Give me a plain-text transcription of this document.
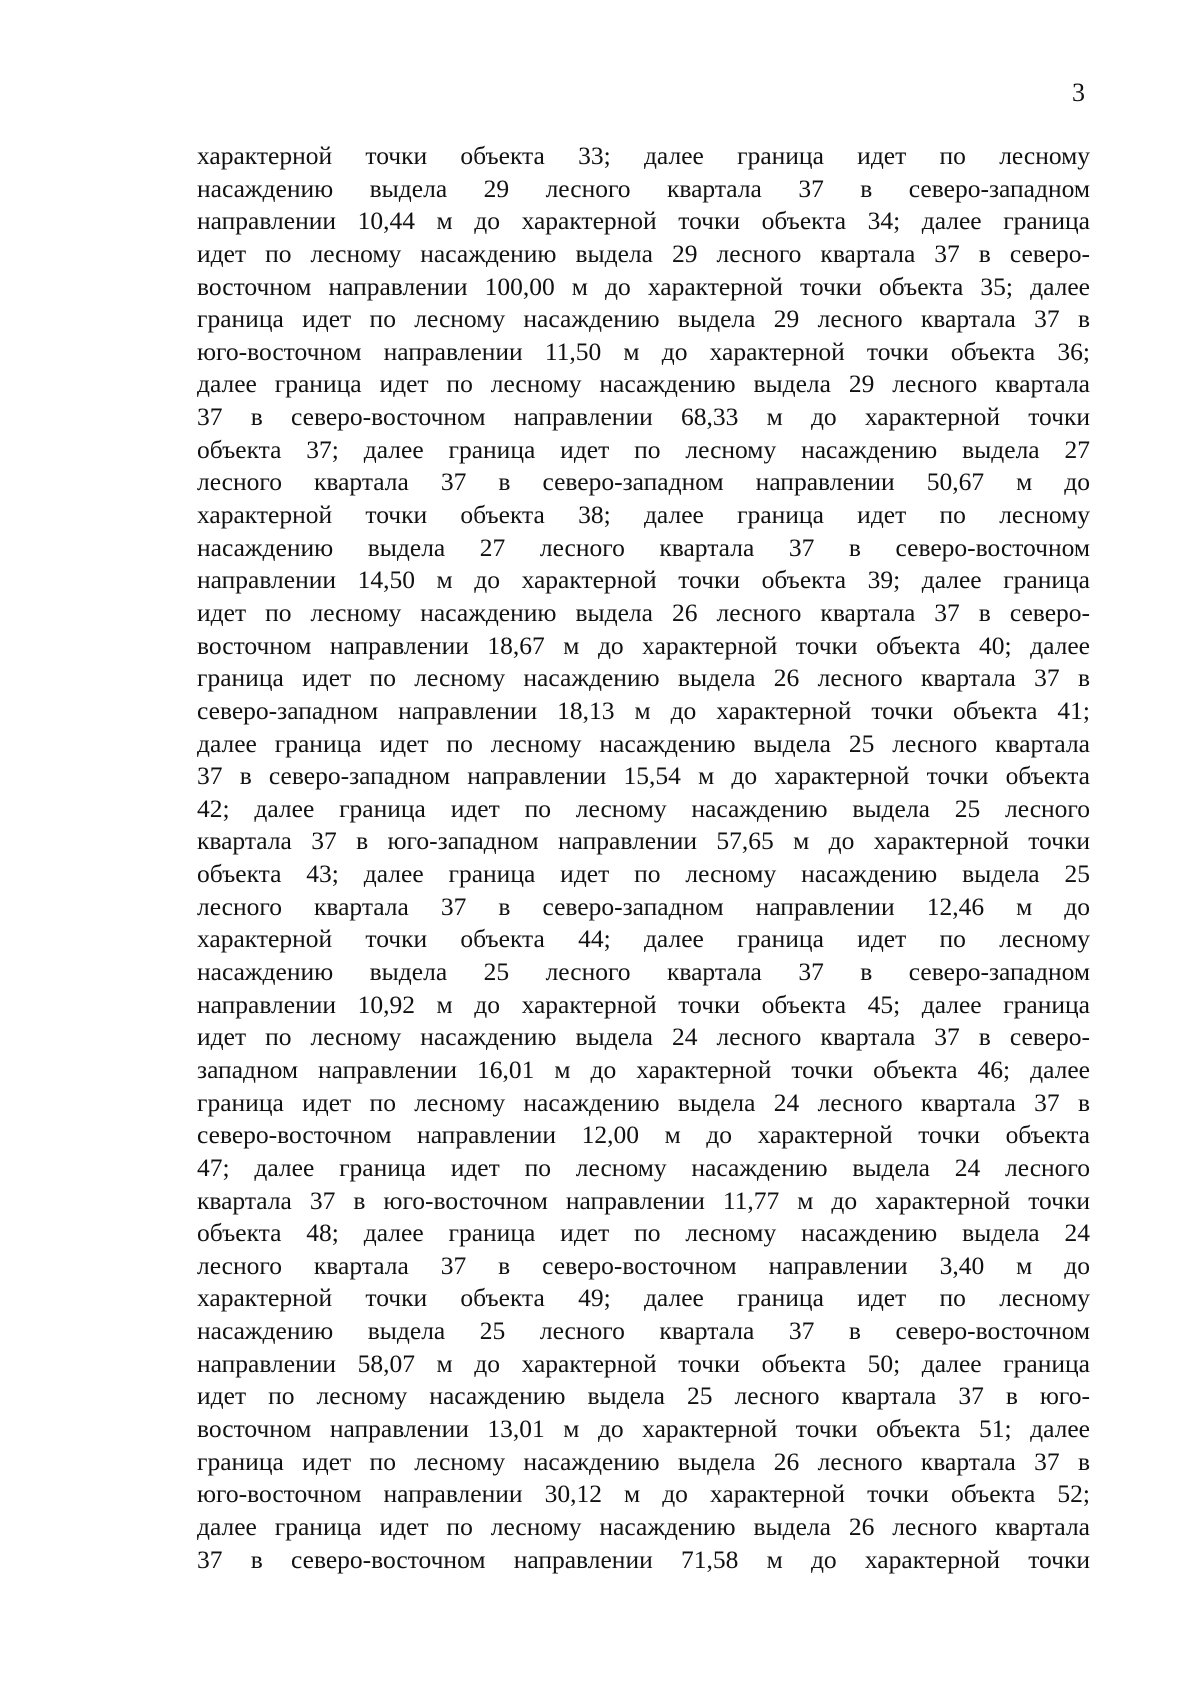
3
характерной точки объекта 33; далее граница идет по лесному
насаждению выдела 29 лесного квартала 37 в северо-западном
направлении 10,44 м до характерной точки объекта 34; далее граница
идет по лесному насаждению выдела 29 лесного квартала 37 в северо-
восточном направлении 100,00 м до характерной точки объекта 35; далее
граница идет по лесному насаждению выдела 29 лесного квартала 37 в
юго-восточном направлении 11,50 м до характерной точки объекта 36;
далее граница идет по лесному насаждению выдела 29 лесного квартала
37 в северо-восточном направлении 68,33 м до характерной точки
объекта 37; далее граница идет по лесному насаждению выдела 27
лесного квартала 37 в северо-западном направлении 50,67 м до
характерной точки объекта 38; далее граница идет по лесному
насаждению выдела 27 лесного квартала 37 в северо-восточном
направлении 14,50 м до характерной точки объекта 39; далее граница
идет по лесному насаждению выдела 26 лесного квартала 37 в северо-
восточном направлении 18,67 м до характерной точки объекта 40; далее
граница идет по лесному насаждению выдела 26 лесного квартала 37 в
северо-западном направлении 18,13 м до характерной точки объекта 41;
далее граница идет по лесному насаждению выдела 25 лесного квартала
37 в северо-западном направлении 15,54 м до характерной точки объекта
42; далее граница идет по лесному насаждению выдела 25 лесного
квартала 37 в юго-западном направлении 57,65 м до характерной точки
объекта 43; далее граница идет по лесному насаждению выдела 25
лесного квартала 37 в северо-западном направлении 12,46 м до
характерной точки объекта 44; далее граница идет по лесному
насаждению выдела 25 лесного квартала 37 в северо-западном
направлении 10,92 м до характерной точки объекта 45; далее граница
идет по лесному насаждению выдела 24 лесного квартала 37 в северо-
западном направлении 16,01 м до характерной точки объекта 46; далее
граница идет по лесному насаждению выдела 24 лесного квартала 37 в
северо-восточном направлении 12,00 м до характерной точки объекта
47; далее граница идет по лесному насаждению выдела 24 лесного
квартала 37 в юго-восточном направлении 11,77 м до характерной точки
объекта 48; далее граница идет по лесному насаждению выдела 24
лесного квартала 37 в северо-восточном направлении 3,40 м до
характерной точки объекта 49; далее граница идет по лесному
насаждению выдела 25 лесного квартала 37 в северо-восточном
направлении 58,07 м до характерной точки объекта 50; далее граница
идет по лесному насаждению выдела 25 лесного квартала 37 в юго-
восточном направлении 13,01 м до характерной точки объекта 51; далее
граница идет по лесному насаждению выдела 26 лесного квартала 37 в
юго-восточном направлении 30,12 м до характерной точки объекта 52;
далее граница идет по лесному насаждению выдела 26 лесного квартала
37 в северо-восточном направлении 71,58 м до характерной точки
